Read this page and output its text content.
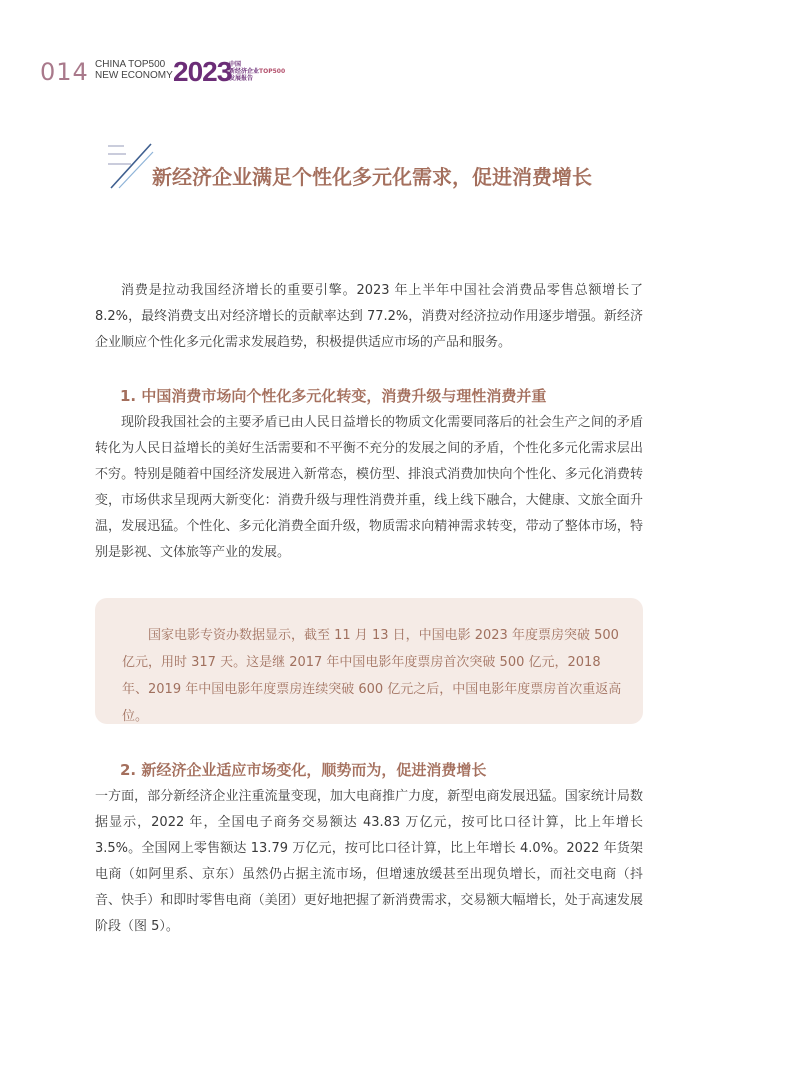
014 CHINA TOP500
NEW ECONOMY 2023
中国
新经济企业
发展报告
TOP500
新经济企业满足个性化多元化需求，促进消费增长

消费是拉动我国经济增长的重要引擎。2023 年上半年中国社会消费品零售总额增长了 8.2%，最终消费支出对经济增长的贡献率达到 77.2%，消费对经济拉动作用逐步增强。新经济企业顺应个性化多元化需求发展趋势，积极提供适应市场的产品和服务。

1. 中国消费市场向个性化多元化转变，消费升级与理性消费并重

现阶段我国社会的主要矛盾已由人民日益增长的物质文化需要同落后的社会生产之间的矛盾转化为人民日益增长的美好生活需要和不平衡不充分的发展之间的矛盾，个性化多元化需求层出不穷。特别是随着中国经济发展进入新常态，模仿型、排浪式消费加快向个性化、多元化消费转变，市场供求呈现两大新变化：消费升级与理性消费并重，线上线下融合，大健康、文旅全面升温，发展迅猛。个性化、多元化消费全面升级，物质需求向精神需求转变，带动了整体市场，特别是影视、文体旅等产业的发展。

国家电影专资办数据显示，截至 11 月 13 日，中国电影 2023 年度票房突破 500 亿元，用时 317 天。这是继 2017 年中国电影年度票房首次突破 500 亿元，2018 年、2019 年中国电影年度票房连续突破 600 亿元之后，中国电影年度票房首次重返高位。

2. 新经济企业适应市场变化，顺势而为，促进消费增长

一方面，部分新经济企业注重流量变现，加大电商推广力度，新型电商发展迅猛。国家统计局数据显示，2022 年，全国电子商务交易额达 43.83 万亿元，按可比口径计算，比上年增长 3.5%。全国网上零售额达 13.79 万亿元，按可比口径计算，比上年增长 4.0%。2022 年货架电商（如阿里系、京东）虽然仍占据主流市场，但增速放缓甚至出现负增长，而社交电商（抖音、快手）和即时零售电商（美团）更好地把握了新消费需求，交易额大幅增长，处于高速发展阶段（图 5）。
